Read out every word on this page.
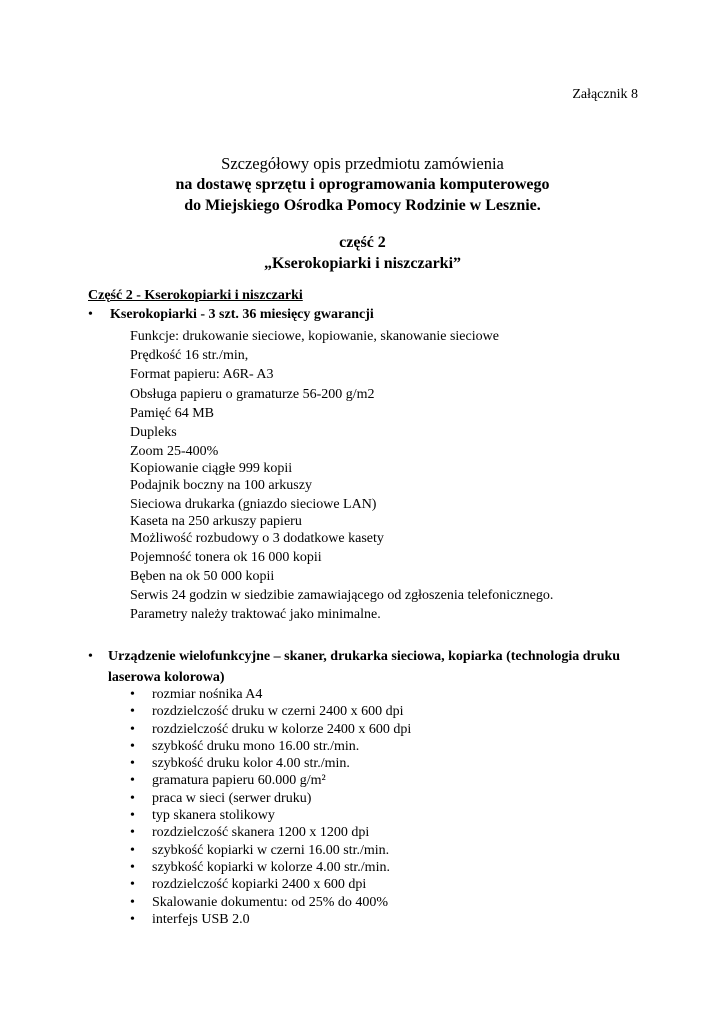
Załącznik 8
Szczegółowy opis przedmiotu zamówienia
na dostawę sprzętu i oprogramowania komputerowego
do Miejskiego Ośrodka Pomocy Rodzinie w Lesznie.
część 2
„Kserokopiarki i niszczarki”
Część 2 - Kserokopiarki i niszczarki
• Kserokopiarki - 3 szt. 36 miesięcy gwarancji
Funkcje: drukowanie sieciowe, kopiowanie, skanowanie sieciowe
Prędkość 16 str./min,
Format papieru: A6R- A3
Obsługa papieru o gramaturze 56-200 g/m2
Pamięć 64 MB
Dupleks
Zoom 25-400%
Kopiowanie ciągłe 999 kopii
Podajnik boczny na 100 arkuszy
Sieciowa drukarka (gniazdo sieciowe LAN)
Kaseta na 250 arkuszy papieru
Możliwość rozbudowy o 3 dodatkowe kasety
Pojemność tonera ok 16 000 kopii
Bęben na ok 50 000 kopii
Serwis 24 godzin w siedzibie zamawiającego od zgłoszenia telefonicznego.
Parametry należy traktować jako minimalne.
• Urządzenie wielofunkcyjne – skaner, drukarka sieciowa, kopiarka (technologia druku laserowa kolorowa)
• rozmiar nośnika A4
• rozdzielczość druku w czerni 2400 x 600 dpi
• rozdzielczość druku w kolorze 2400 x 600 dpi
• szybkość druku mono 16.00 str./min.
• szybkość druku kolor 4.00 str./min.
• gramatura papieru 60.000 g/m²
• praca w sieci (serwer druku)
• typ skanera stolikowy
• rozdzielczość skanera 1200 x 1200 dpi
• szybkość kopiarki w czerni 16.00 str./min.
• szybkość kopiarki w kolorze 4.00 str./min.
• rozdzielczość kopiarki 2400 x 600 dpi
• Skalowanie dokumentu: od 25% do 400%
• interfejs USB 2.0
